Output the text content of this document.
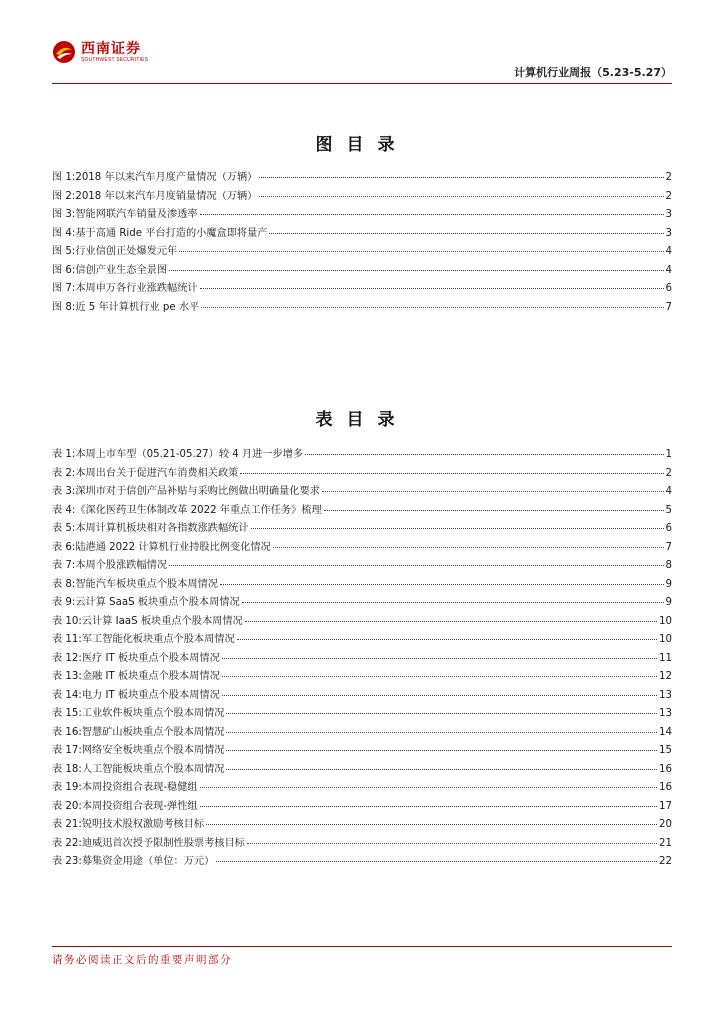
西南证券
SOUTHWEST SECURITIES
计算机行业周报（5.23-5.27）
图目录
图 1: 2018 年以来汽车月度产量情况（万辆）	2
图 2: 2018 年以来汽车月度销量情况（万辆）	2
图 3: 智能网联汽车销量及渗透率	3
图 4: 基于高通 Ride 平台打造的小魔盒即将量产	3
图 5: 行业信创正处爆发元年	4
图 6: 信创产业生态全景图	4
图 7: 本周申万各行业涨跌幅统计	6
图 8: 近 5 年计算机行业 pe 水平	7
表目录
表 1: 本周上市车型（05.21-05.27）较 4 月进一步增多	1
表 2: 本周出台关于促进汽车消费相关政策	2
表 3: 深圳市对于信创产品补贴与采购比例做出明确量化要求	4
表 4: 《深化医药卫生体制改革 2022 年重点工作任务》梳理	5
表 5: 本周计算机板块相对各指数涨跌幅统计	6
表 6: 陆港通 2022 计算机行业持股比例变化情况	7
表 7: 本周个股涨跌幅情况	8
表 8: 智能汽车板块重点个股本周情况	9
表 9: 云计算 SaaS 板块重点个股本周情况	9
表 10: 云计算 IaaS 板块重点个股本周情况	10
表 11: 军工智能化板块重点个股本周情况	10
表 12: 医疗 IT 板块重点个股本周情况	11
表 13: 金融 IT 板块重点个股本周情况	12
表 14: 电力 IT 板块重点个股本周情况	13
表 15: 工业软件板块重点个股本周情况	13
表 16: 智慧矿山板块重点个股本周情况	14
表 17: 网络安全板块重点个股本周情况	15
表 18: 人工智能板块重点个股本周情况	16
表 19: 本周投资组合表现-稳健组	16
表 20: 本周投资组合表现-弹性组	17
表 21: 锐明技术股权激励考核目标	20
表 22: 迪威迅首次授予限制性股票考核目标	21
表 23: 募集资金用途（单位：万元）	22
请务必阅读正文后的重要声明部分
